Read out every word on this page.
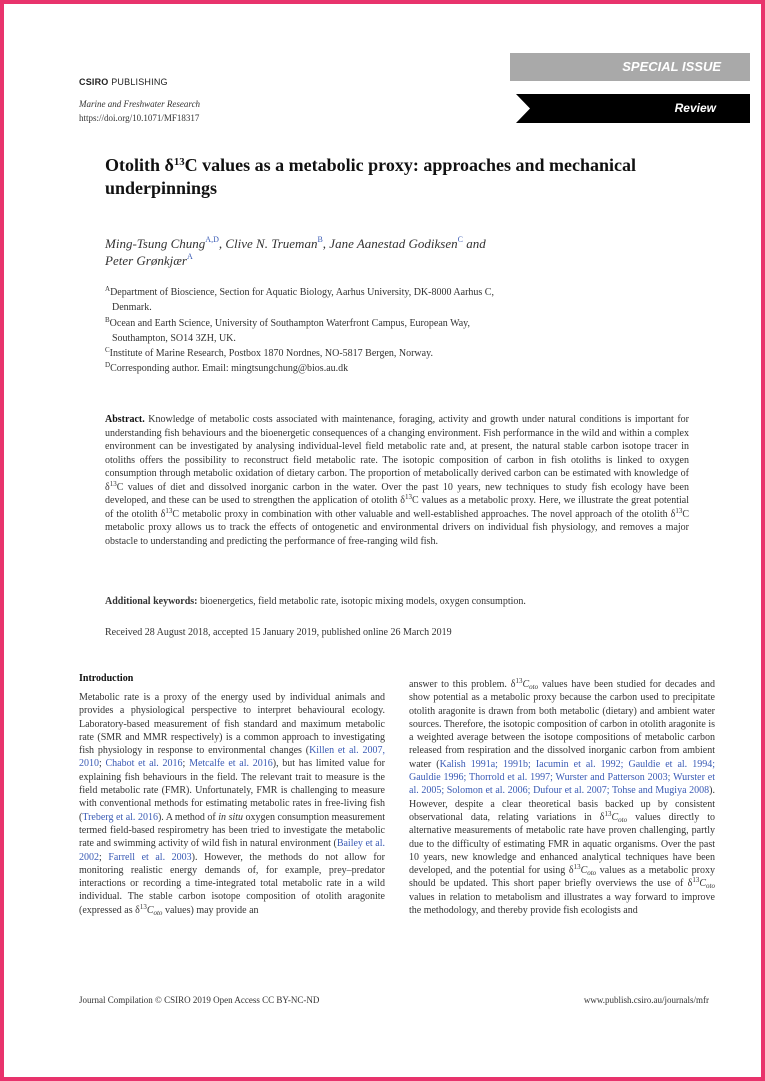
CSIRO PUBLISHING
SPECIAL ISSUE
Review
Marine and Freshwater Research
https://doi.org/10.1071/MF18317
Otolith $\delta^{13}C$ values as a metabolic proxy: approaches and mechanical underpinnings
Ming-Tsung Chung$^{A,D}$, Clive N. Trueman$^B$, Jane Aanestad Godiksen$^C$ and
Peter Grønkjær$^A$
$^A$Department of Bioscience, Section for Aquatic Biology, Aarhus University, DK-8000 Aarhus C,
Denmark.
$^B$Ocean and Earth Science, University of Southampton Waterfront Campus, European Way,
Southampton, SO14 3ZH, UK.
$^C$Institute of Marine Research, Postbox 1870 Nordnes, NO-5817 Bergen, Norway.
$^D$Corresponding author. Email: mingtsungchung@bios.au.dk
Abstract. Knowledge of metabolic costs associated with maintenance, foraging, activity and growth under natural conditions is important for understanding fish behaviours and the bioenergetic consequences of a changing environment. Fish performance in the wild and within a complex environment can be investigated by analysing individual-level field metabolic rate and, at present, the natural stable carbon isotope tracer in otoliths offers the possibility to reconstruct field metabolic rate. The isotopic composition of carbon in fish otoliths is linked to oxygen consumption through metabolic oxidation of dietary carbon. The proportion of metabolically derived carbon can be estimated with knowledge of $\delta^{13}C$ values of diet and dissolved inorganic carbon in the water. Over the past 10 years, new techniques to study fish ecology have been developed, and these can be used to strengthen the application of otolith $\delta^{13}C$ values as a metabolic proxy. Here, we illustrate the great potential of the otolith $\delta^{13}C$ metabolic proxy in combination with other valuable and well-established approaches. The novel approach of the otolith $\delta^{13}C$ metabolic proxy allows us to track the effects of ontogenetic and environmental drivers on individual fish physiology, and removes a major obstacle to understanding and predicting the performance of free-ranging wild fish.
Additional keywords: bioenergetics, field metabolic rate, isotopic mixing models, oxygen consumption.
Received 28 August 2018, accepted 15 January 2019, published online 26 March 2019
Introduction
Metabolic rate is a proxy of the energy used by individual animals and provides a physiological perspective to interpret behavioural ecology. Laboratory-based measurement of fish standard and maximum metabolic rate (SMR and MMR respectively) is a common approach to investigating fish physiology in response to environmental changes (Killen et al. 2007, 2010; Chabot et al. 2016; Metcalfe et al. 2016), but has limited value for explaining fish behaviours in the field. The relevant trait to measure is the field metabolic rate (FMR). Unfortunately, FMR is challenging to measure with conventional methods for estimating metabolic rates in free-living fish (Treberg et al. 2016). A method of in situ oxygen consumption measurement termed field-based respirometry has been tried to investigate the metabolic rate and swimming activity of wild fish in natural environment (Bailey et al. 2002; Farrell et al. 2003). However, the methods do not allow for monitoring realistic energy demands of, for example, prey–predator interactions or recording a time-integrated total metabolic rate in a wild individual. The stable carbon isotope composition of otolith aragonite (expressed as $\delta^{13}C_{oto}$ values) may provide an
answer to this problem. $\delta^{13}C_{oto}$ values have been studied for decades and show potential as a metabolic proxy because the carbon used to precipitate otolith aragonite is drawn from both metabolic (dietary) and ambient water sources. Therefore, the isotopic composition of carbon in otolith aragonite is a weighted average between the isotope compositions of metabolic carbon released from respiration and the dissolved inorganic carbon from ambient water (Kalish 1991a; 1991b; Iacumin et al. 1992; Gauldie et al. 1994; Gauldie 1996; Thorrold et al. 1997; Wurster and Patterson 2003; Wurster et al. 2005; Solomon et al. 2006; Dufour et al. 2007; Tohse and Mugiya 2008). However, despite a clear theoretical basis backed up by consistent observational data, relating variations in $\delta^{13}C_{oto}$ values directly to alternative measurements of metabolic rate have proven challenging, partly due to the difficulty of estimating FMR in aquatic organisms. Over the past 10 years, new knowledge and enhanced analytical techniques have been developed, and the potential for using $\delta^{13}C_{oto}$ values as a metabolic proxy should be updated. This short paper briefly overviews the use of $\delta^{13}C_{oto}$ values in relation to metabolism and illustrates a way forward to improve the methodology, and thereby provide fish ecologists and
Journal Compilation © CSIRO 2019 Open Access CC BY-NC-ND	www.publish.csiro.au/journals/mfr
